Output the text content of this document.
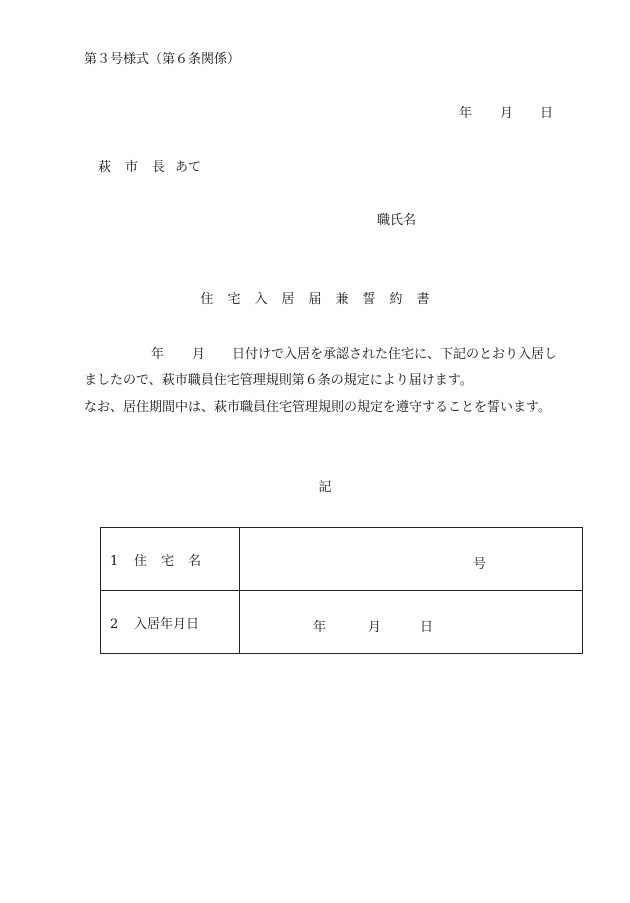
第３号様式（第６条関係）
年 月 日
萩 市 長 あて
職氏名
住 宅 入 居 届 兼 誓 約 書
年 月 日付けで入居を承認された住宅に、下記のとおり入居し
ましたので、萩市職員住宅管理規則第６条の規定により届けます。
なお、居住期間中は、萩市職員住宅管理規則の規定を遵守することを誓います。
記
1 住 宅 名	号

2 入居年月日	年 月 日
